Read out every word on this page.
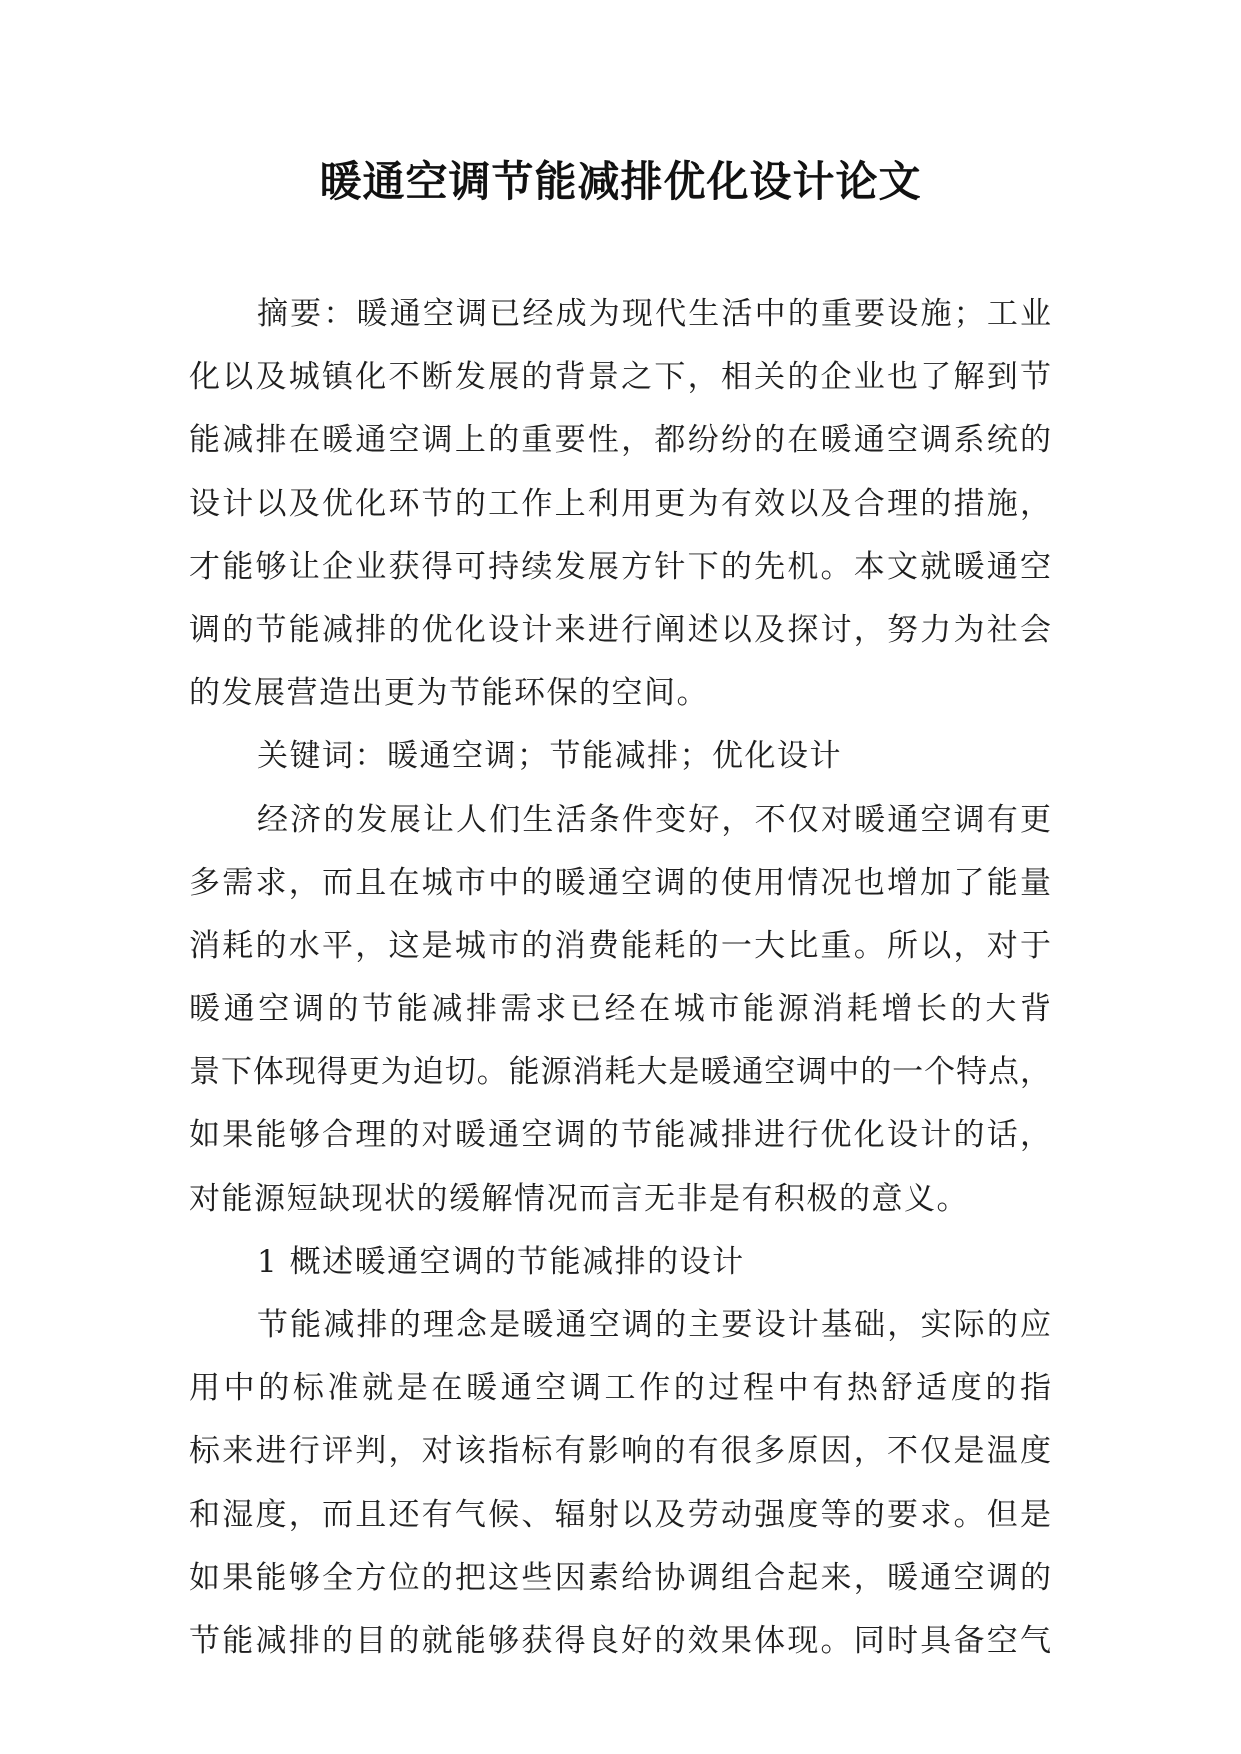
暖通空调节能减排优化设计论文
摘要：暖通空调已经成为现代生活中的重要设施；工业
化以及城镇化不断发展的背景之下，相关的企业也了解到节
能减排在暖通空调上的重要性，都纷纷的在暖通空调系统的
设计以及优化环节的工作上利用更为有效以及合理的措施，
才能够让企业获得可持续发展方针下的先机。本文就暖通空
调的节能减排的优化设计来进行阐述以及探讨，努力为社会
的发展营造出更为节能环保的空间。
关键词：暖通空调；节能减排；优化设计
经济的发展让人们生活条件变好，不仅对暖通空调有更
多需求，而且在城市中的暖通空调的使用情况也增加了能量
消耗的水平，这是城市的消费能耗的一大比重。所以，对于
暖通空调的节能减排需求已经在城市能源消耗增长的大背
景下体现得更为迫切。能源消耗大是暖通空调中的一个特点，
如果能够合理的对暖通空调的节能减排进行优化设计的话，
对能源短缺现状的缓解情况而言无非是有积极的意义。
1 概述暖通空调的节能减排的设计
节能减排的理念是暖通空调的主要设计基础，实际的应
用中的标准就是在暖通空调工作的过程中有热舒适度的指
标来进行评判，对该指标有影响的有很多原因，不仅是温度
和湿度，而且还有气候、辐射以及劳动强度等的要求。但是
如果能够全方位的把这些因素给协调组合起来，暖通空调的
节能减排的目的就能够获得良好的效果体现。同时具备空气
